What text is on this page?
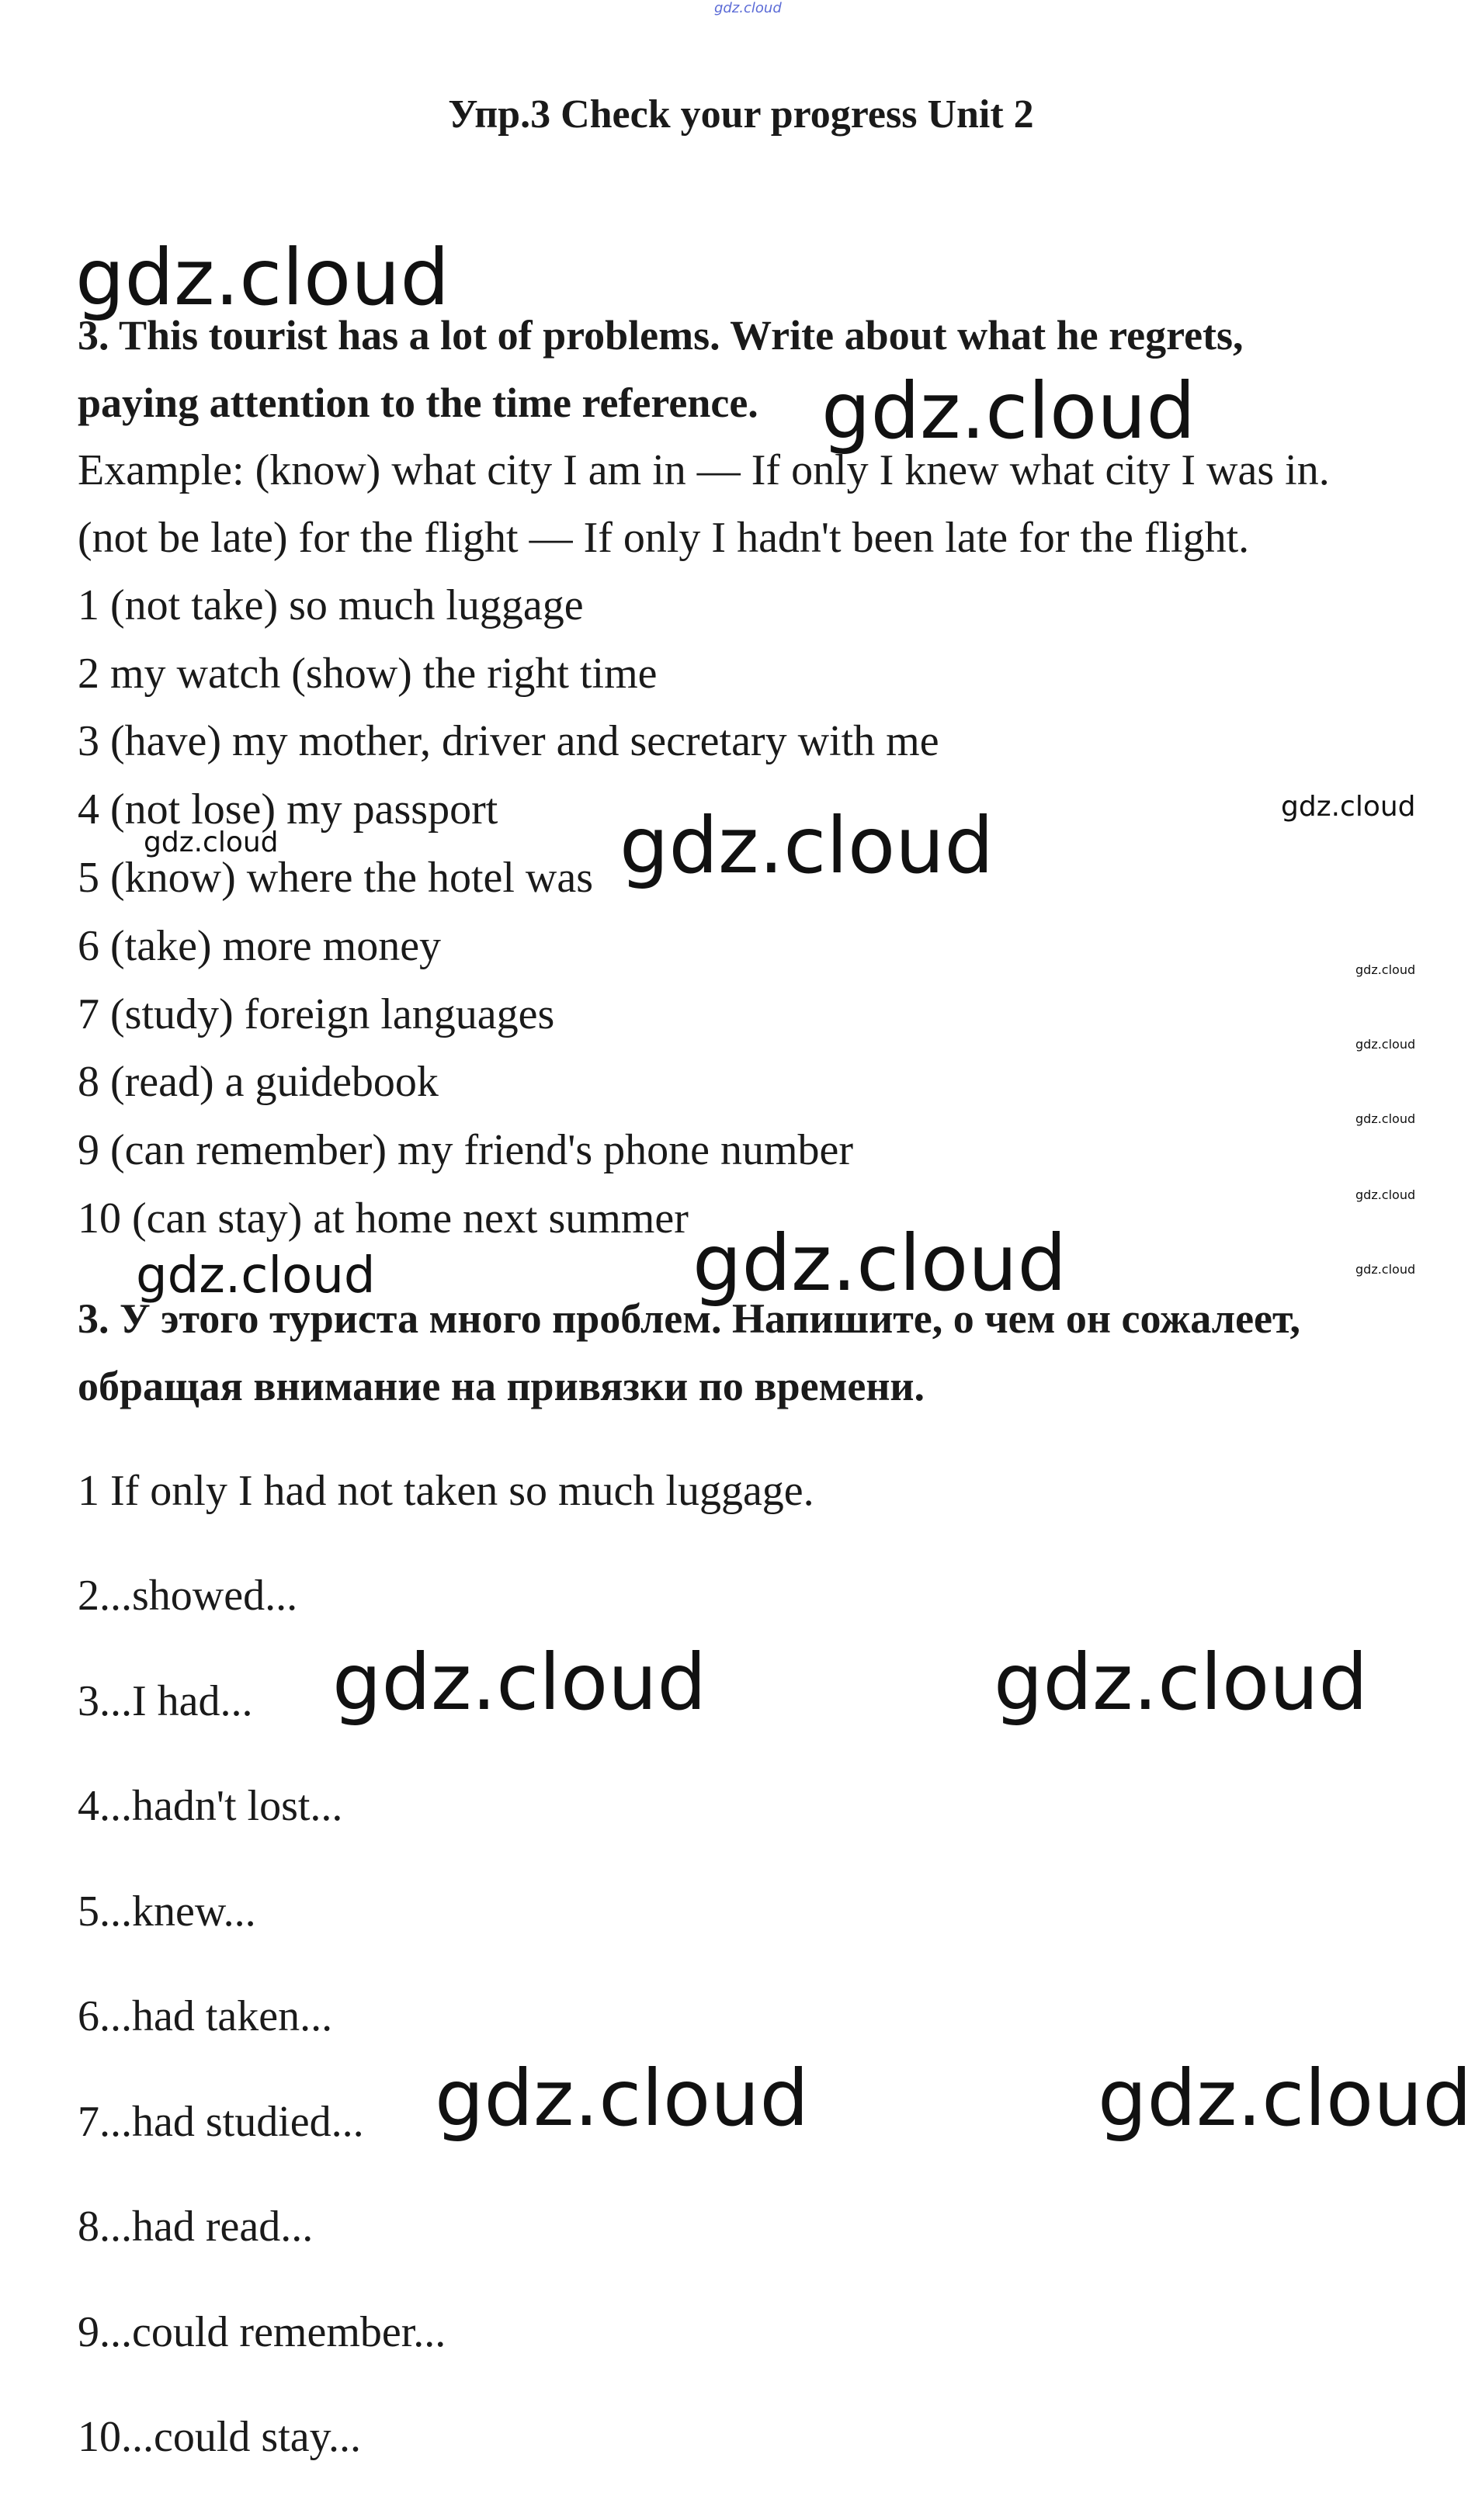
gdz.cloud
Упр.3 Check your progress Unit 2
gdz.cloud
gdz.cloud
3. This tourist has a lot of problems. Write about what he regrets,
paying attention to the time reference.
Example: (know) what city I am in — If only I knew what city I was in.
(not be late) for the flight — If only I hadn't been late for the flight.
1 (not take) so much luggage
2 my watch (show) the right time
3 (have) my mother, driver and secretary with me
4 (not lose) my passport
5 (know) where the hotel was
6 (take) more money
7 (study) foreign languages
8 (read) a guidebook
9 (can remember) my friend's phone number
10 (can stay) at home next summer
gdz.cloud
gdz.cloud	gdz.cloud
gdz.cloud
gdz.cloud
gdz.cloud
gdz.cloud
gdz.cloud
gdz.cloud	gdz.cloud
3. У этого туриста много проблем. Напишите, о чем он сожалеет,
обращая внимание на привязки по времени.
1 If only I had not taken so much luggage.
2...showed...
3...I had...
4...hadn't lost...
5...knew...
6...had taken...
7...had studied...
8...had read...
9...could remember...
10...could stay...
gdz.cloud	gdz.cloud
gdz.cloud	gdz.cloud
